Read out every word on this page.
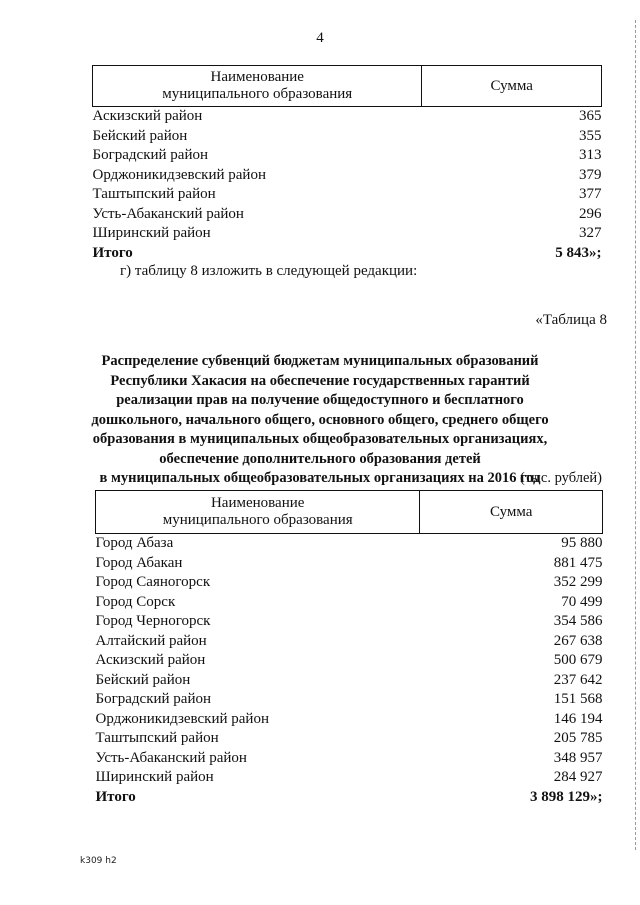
4
Наименование
муниципального образования	Сумма
Аскизский район	365
Бейский район	355
Боградский район	313
Орджоникидзевский район	379
Таштыпский район	377
Усть-Абаканский район	296
Ширинский район	327
Итого	5 843»;
г) таблицу 8 изложить в следующей редакции:
«Таблица 8
Распределение субвенций бюджетам муниципальных образований
Республики Хакасия на обеспечение государственных гарантий
реализации прав на получение общедоступного и бесплатного
дошкольного, начального общего, основного общего, среднего общего
образования в муниципальных общеобразовательных организациях,
обеспечение дополнительного образования детей
в муниципальных общеобразовательных организациях на 2016 год
(тыс. рублей)
Наименование
муниципального образования	Сумма
Город Абаза	95 880
Город Абакан	881 475
Город Саяногорск	352 299
Город Сорск	70 499
Город Черногорск	354 586
Алтайский район	267 638
Аскизский район	500 679
Бейский район	237 642
Боградский район	151 568
Орджоникидзевский район	146 194
Таштыпский район	205 785
Усть-Абаканский район	348 957
Ширинский район	284 927
Итого	3 898 129»;
k309 h2
